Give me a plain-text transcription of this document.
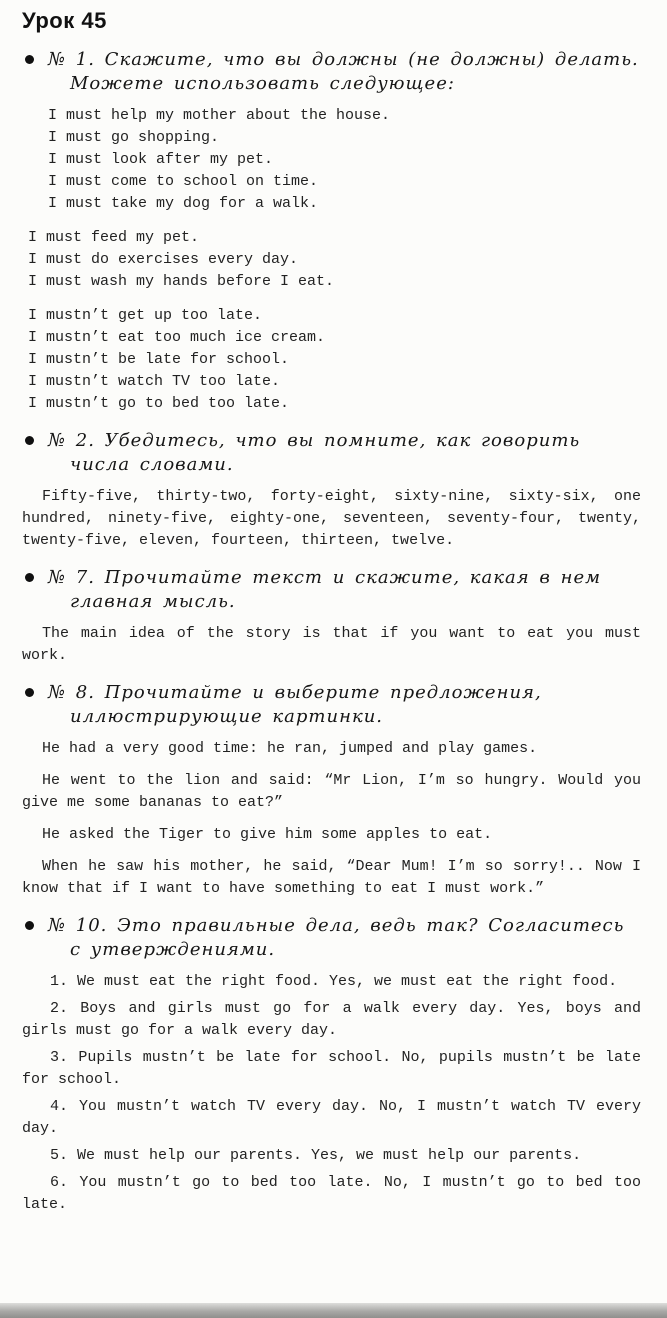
Урок 45
№ 1. Скажите, что вы должны (не должны) делать. Можете использовать следующее:
I must help my mother about the house.
I must go shopping.
I must look after my pet.
I must come to school on time.
I must take my dog for a walk.
I must feed my pet.
I must do exercises every day.
I must wash my hands before I eat.
I mustn’t get up too late.
I mustn’t eat too much ice cream.
I mustn’t be late for school.
I mustn’t watch TV too late.
I mustn’t go to bed too late.
№ 2. Убедитесь, что вы помните, как говорить числа словами.

Fifty-five, thirty-two, forty-eight, sixty-nine, sixty-six, one hundred, ninety-five, eighty-one, seventeen, seventy-four, twenty, twenty-five, eleven, fourteen, thirteen, twelve.

№ 7. Прочитайте текст и скажите, какая в нем главная мысль.

The main idea of the story is that if you want to eat you must work.

№ 8. Прочитайте и выберите предложения, иллюстрирующие картинки.

He had a very good time: he ran, jumped and play games.

He went to the lion and said: “Mr Lion, I’m so hungry. Would you give me some bananas to eat?”

He asked the Tiger to give him some apples to eat.

When he saw his mother, he said, “Dear Mum! I’m so sorry!.. Now I know that if I want to have something to eat I must work.”

№ 10. Это правильные дела, ведь так? Согласитесь с утверждениями.

1. We must eat the right food. Yes, we must eat the right food.

2. Boys and girls must go for a walk every day. Yes, boys and girls must go for a walk every day.

3. Pupils mustn’t be late for school. No, pupils mustn’t be late for school.

4. You mustn’t watch TV every day. No, I mustn’t watch TV every day.

5. We must help our parents. Yes, we must help our parents.

6. You mustn’t go to bed too late. No, I mustn’t go to bed too late.
